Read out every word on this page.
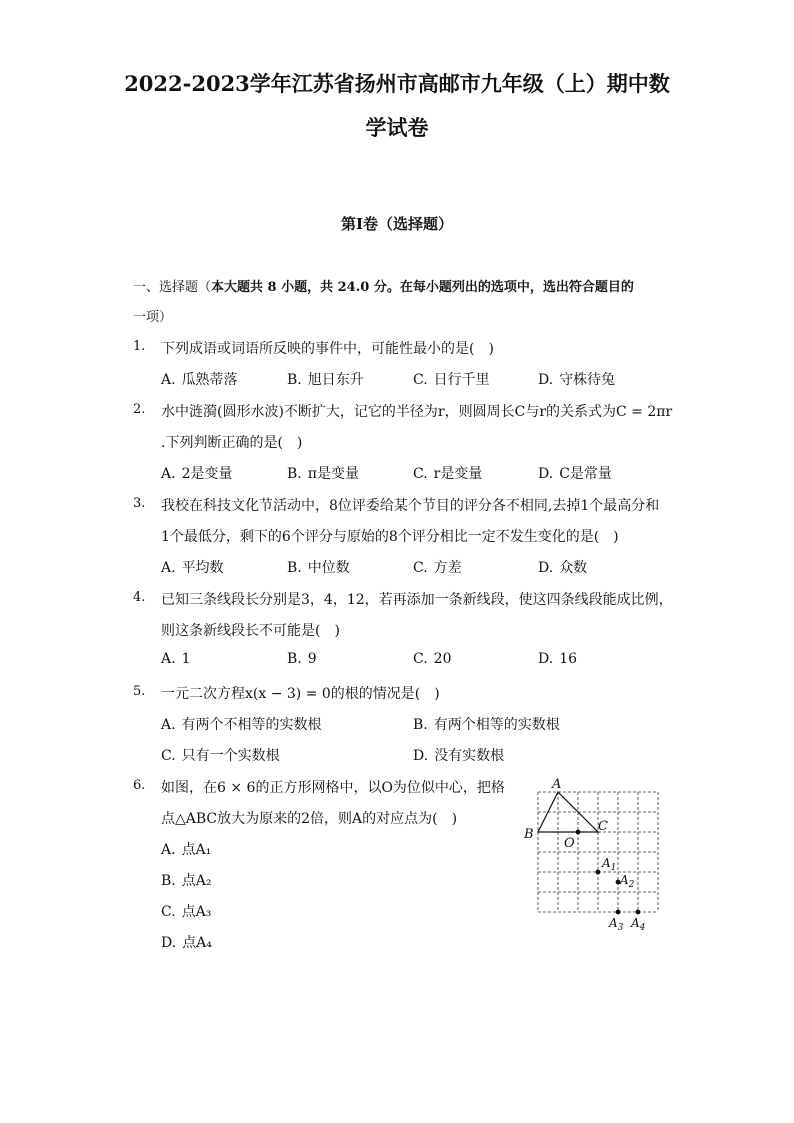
2022-2023学年江苏省扬州市高邮市九年级（上）期中数
学试卷
第I卷（选择题）
一、选择题（本大题共 8 小题，共 24.0 分。在每小题列出的选项中，选出符合题目的
一项）
1. 下列成语或词语所反映的事件中，可能性最小的是(　)
A. 瓜熟蒂落	B. 旭日东升	C. 日行千里	D. 守株待兔
2. 水中涟漪(圆形水波)不断扩大，记它的半径为r，则圆周长C与r的关系式为C = 2πr
.下列判断正确的是(　)
A. 2是变量	B. π是变量	C. r是变量	D. C是常量
3. 我校在科技文化节活动中，8位评委给某个节目的评分各不相同,去掉1个最高分和
1个最低分，剩下的6个评分与原始的8个评分相比一定不发生变化的是(　)
A. 平均数	B. 中位数	C. 方差	D. 众数
4. 已知三条线段长分别是3，4，12，若再添加一条新线段，使这四条线段能成比例，
则这条新线段长不可能是(　)
A. 1	B. 9	C. 20	D. 16
5. 一元二次方程x(x − 3) = 0的根的情况是(　)
A. 有两个不相等的实数根	B. 有两个相等的实数根
C. 只有一个实数根	D. 没有实数根
6. 如图，在6 × 6的正方形网格中，以O为位似中心，把格
点△ABC放大为原来的2倍，则A的对应点为(　)
A. 点A₁
B. 点A₂
C. 点A₃
D. 点A₄
A
B
C
O
$A_1$
$A_2$
$A_3$ $A_4$
